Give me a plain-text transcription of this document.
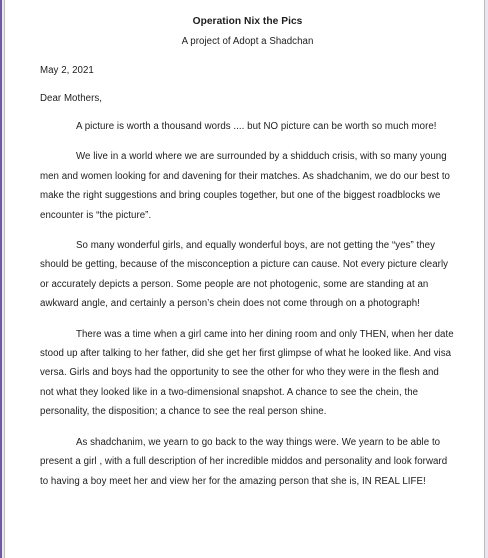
Operation Nix the Pics

A project of Adopt a Shadchan

May 2, 2021

Dear Mothers,

A picture is worth a thousand words .... but NO picture can be worth so much more!

We live in a world where we are surrounded by a shidduch crisis, with so many young men and women looking for and davening for their matches. As shadchanim, we do our best to make the right suggestions and bring couples together, but one of the biggest roadblocks we encounter is “the picture”.

So many wonderful girls, and equally wonderful boys, are not getting the “yes” they should be getting, because of the misconception a picture can cause. Not every picture clearly or accurately depicts a person. Some people are not photogenic, some are standing at an awkward angle, and certainly a person’s chein does not come through on a photograph!

There was a time when a girl came into her dining room and only THEN, when her date stood up after talking to her father, did she get her first glimpse of what he looked like. And visa versa. Girls and boys had the opportunity to see the other for who they were in the flesh and not what they looked like in a two-dimensional snapshot. A chance to see the chein, the personality, the disposition; a chance to see the real person shine.

As shadchanim, we yearn to go back to the way things were. We yearn to be able to present a girl , with a full description of her incredible middos and personality and look forward to having a boy meet her and view her for the amazing person that she is, IN REAL LIFE!
